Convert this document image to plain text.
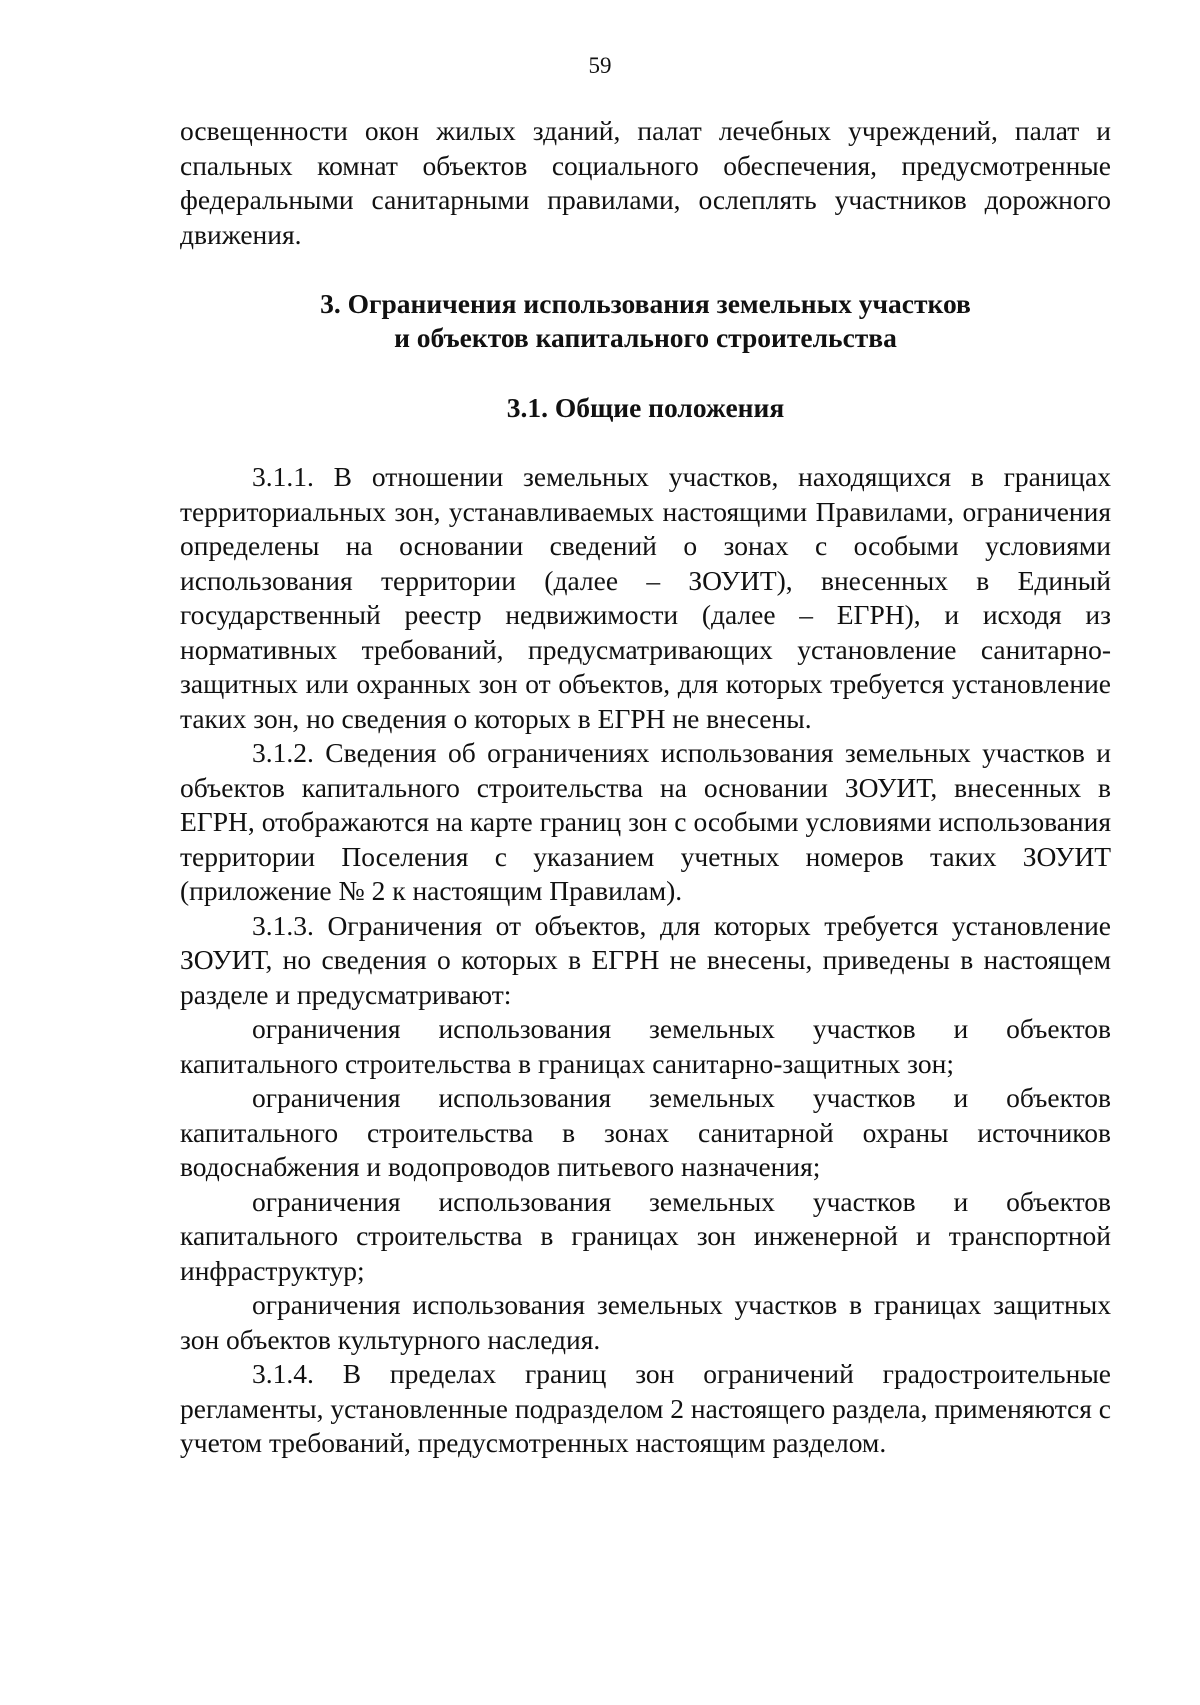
59

освещенности окон жилых зданий, палат лечебных учреждений, палат и спальных комнат объектов социального обеспечения, предусмотренные федеральными санитарными правилами, ослеплять участников дорожного движения.

3. Ограничения использования земельных участков

и объектов капитального строительства

3.1. Общие положения

3.1.1. В отношении земельных участков, находящихся в границах территориальных зон, устанавливаемых настоящими Правилами, ограничения определены на основании сведений о зонах с особыми условиями использования территории (далее – ЗОУИТ), внесенных в Единый государственный реестр недвижимости (далее – ЕГРН), и исходя из нормативных требований, предусматривающих установление санитарно-защитных или охранных зон от объектов, для которых требуется установление таких зон, но сведения о которых в ЕГРН не внесены.

3.1.2. Сведения об ограничениях использования земельных участков и объектов капитального строительства на основании ЗОУИТ, внесенных в ЕГРН, отображаются на карте границ зон с особыми условиями использования территории Поселения с указанием учетных номеров таких ЗОУИТ (приложение № 2 к настоящим Правилам).

3.1.3. Ограничения от объектов, для которых требуется установление ЗОУИТ, но сведения о которых в ЕГРН не внесены, приведены в настоящем разделе и предусматривают:

ограничения использования земельных участков и объектов капитального строительства в границах санитарно-защитных зон;

ограничения использования земельных участков и объектов капитального строительства в зонах санитарной охраны источников водоснабжения и водопроводов питьевого назначения;

ограничения использования земельных участков и объектов капитального строительства в границах зон инженерной и транспортной инфраструктур;

ограничения использования земельных участков в границах защитных зон объектов культурного наследия.

3.1.4. В пределах границ зон ограничений градостроительные регламенты, установленные подразделом 2 настоящего раздела, применяются с учетом требований, предусмотренных настоящим разделом.
